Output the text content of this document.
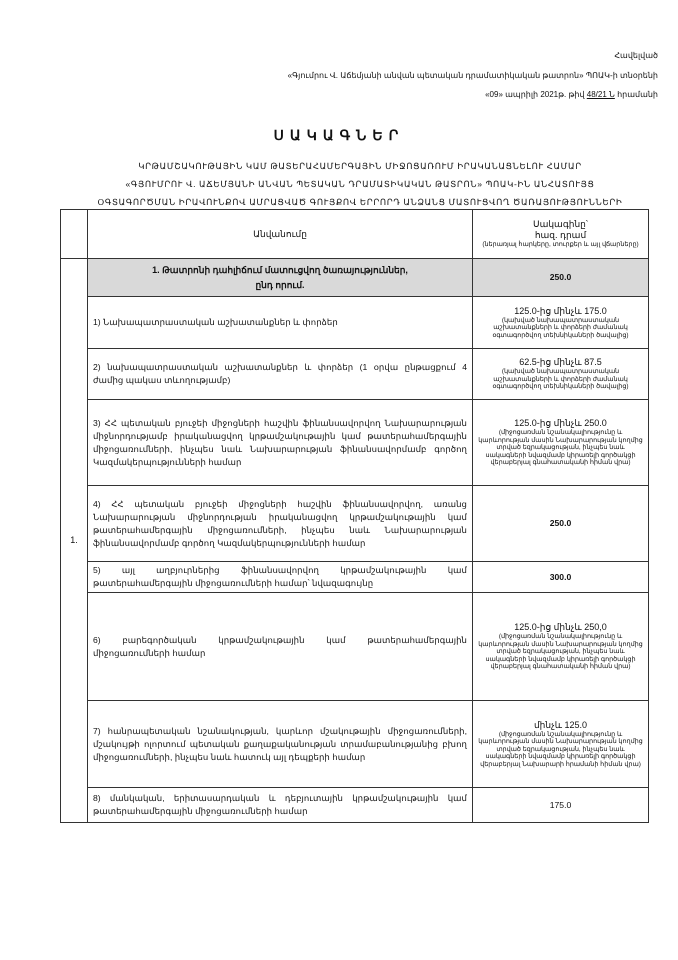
Հավելված
«Գյումրու Վ. Աճեմյանի անվան պետական դրամատիկական թատրոն» ՊՈԱԿ-ի տնօրենի
«09» ապրիլի 2021թ. թիվ 48/21 Ն հրամանի
ՍԱԿԱԳՆԵՐ
ԿՐԹԱՄՇԱԿՈՒԹԱՅԻՆ ԿԱՄ ԹԱՏԵՐԱՀԱՄԵՐԳԱՅԻՆ ՄԻՋՈՑԱՌՈՒՄ ԻՐԱԿԱՆԱՑՆԵԼՈՒ ՀԱՄԱՐ
«ԳՅՈՒՄՐՈՒ Վ. ԱՃԵՄՅԱՆԻ ԱՆՎԱՆ ՊԵՏԱԿԱՆ ԴՐԱՄԱՏԻԿԱԿԱՆ ԹԱՏՐՈՆ» ՊՈԱԿ-ԻՆ ԱՆՀԱՏՈՒՅՑ
ՕԳՏԱԳՈՐԾՄԱՆ ԻՐԱՎՈՒՆՔՈՎ ԱՄՐԱՑՎԱԾ ԳՈՒՅՔՈՎ ԵՐՐՈՐԴ ԱՆՁԱՆՑ ՄԱՏՈՒՑՎՈՂ ԾԱՌԱՅՈՒԹՅՈՒՆՆԵՐԻ
	Անվանումը	Սակագինը՝
հազ. դրամ
(ներառյալ հարկերը, տուրքեր և այլ վճարները)

1.	1. Թատրոնի դահլիճում մատուցվող ծառայություններ,
ընդ որում.	250.0
	1) Նախապատրաստական աշխատանքներ և փորձեր	125.0-ից մինչև 175.0
(կախված նախապատրաստական աշխատանքների և փորձերի ժամանակ օգտագործվող տեխնիկաների ծավալից)

	2) նախապատրաստական աշխատանքներ և փորձեր (1 օրվա ընթացքում 4 ժամից պակաս տևողությամբ)	62.5-ից մինչև 87.5
(կախված նախապատրաստական աշխատանքների և փորձերի ժամանակ օգտագործվող տեխնիկաների ծավալից)

	3) ՀՀ պետական բյուջեի միջոցների հաշվին ֆինանսավորվող Նախարարության միջնորդությամբ իրականացվող կրթամշակութային կամ թատերահամերգային միջոցառումների, ինչպես նաև Նախարարության ֆինանսավորմամբ գործող Կազմակերպությունների համար	125.0-ից մինչև 250.0
(միջոցառման նշանակալիությունը և կարևորության մասին Նախարարության կողմից տրված եզրակացության, ինչպես նաև սակագների նվազմամբ կիրառելի գործակցի վերաբերյալ գնահատականի հիման վրա)

	4) ՀՀ պետական բյուջեի միջոցների հաշվին ֆինանսավորվող, առանց Նախարարության միջնորդության իրականացվող կրթամշակութային կամ թատերահամերգային միջոցառումների, ինչպես նաև Նախարարության ֆինանսավորմամբ գործող Կազմակերպությունների համար	250.0
	5) այլ աղբյուրներից ֆինանսավորվող կրթամշակութային կամ թատերահամերգային միջոցառումների համար՝ նվազագույնը	300.0
	6) բարեգործական կրթամշակութային կամ թատերահամերգային միջոցառումների համար	125.0-ից մինչև 250,0
(միջոցառման նշանակալիությունը և կարևորության մասին Նախարարության կողմից տրված եզրակացության, ինչպես նաև սակագների նվազմամբ կիրառելի գործակցի վերաբերյալ գնահատականի հիման վրա)

	7) հանրապետական նշանակության, կարևոր մշակութային միջոցառումների, մշակույթի ոլորտում պետական քաղաքականության տրամաբանությանից բխող միջոցառումների, ինչպես նաև հատուկ այլ դեպքերի համար	մինչև 125.0
(միջոցառման նշանակալիությունը և կարևորության մասին Նախարարության կողմից տրված եզրակացության, ինչպես նաև սակագների նվազմամբ կիրառելի գործակցի վերաբերյալ Նախարարի հրամանի հիման վրա)

	8) մանկական, երիտասարդական և դեբյուտային կրթամշակութային կամ թատերահամերգային միջոցառումների համար	175.0
